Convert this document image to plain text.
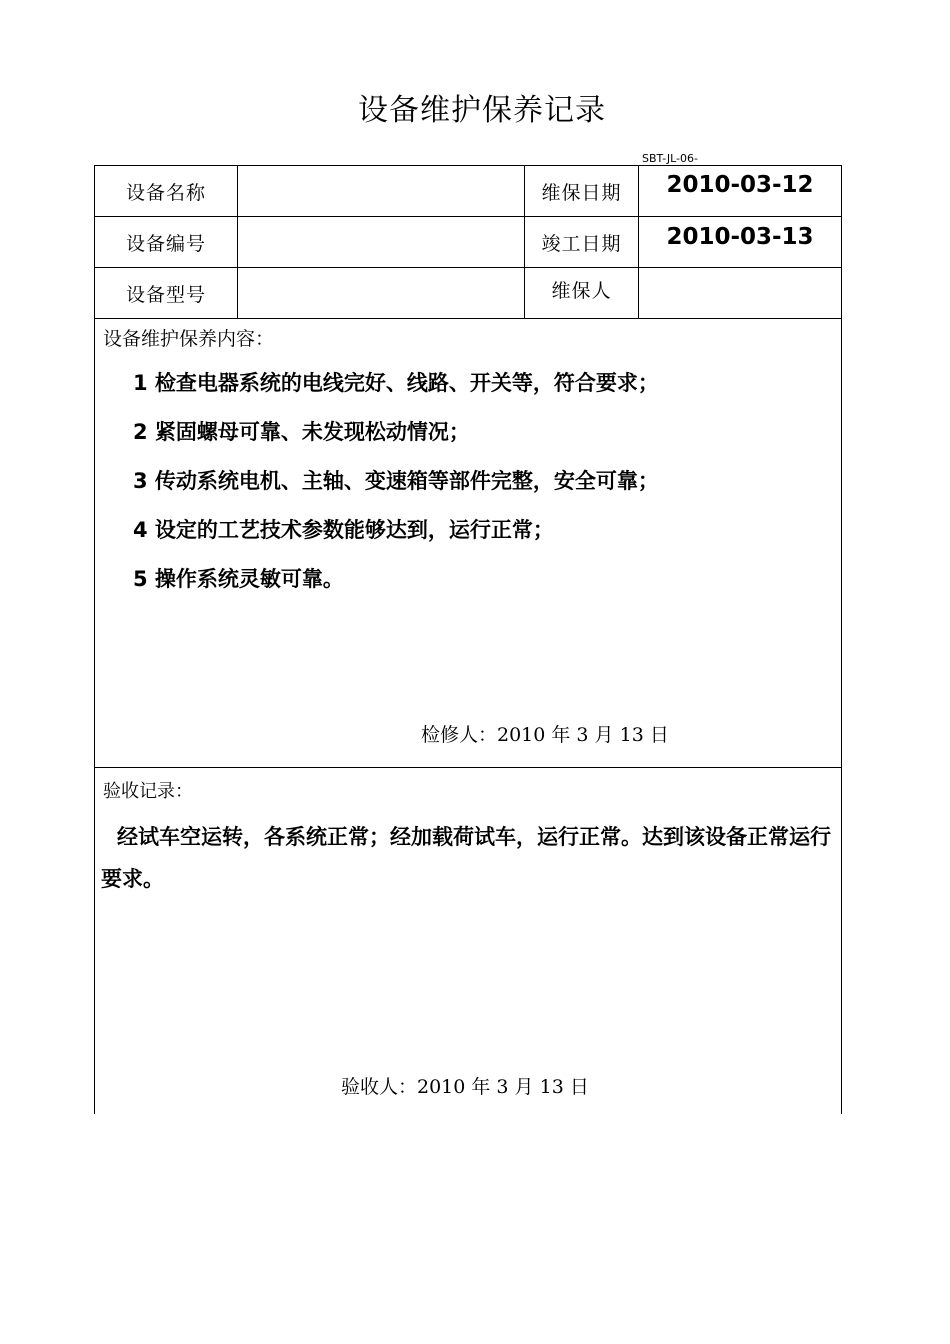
设备维护保养记录
SBT-JL-06-
设备名称		维保日期	2010-03-12
设备编号		竣工日期	2010-03-13
设备型号		维保人	
设备维护保养内容：
1 检查电器系统的电线完好、线路、开关等，符合要求；
2 紧固螺母可靠、未发现松动情况；
3 传动系统电机、主轴、变速箱等部件完整，安全可靠；
4 设定的工艺技术参数能够达到，运行正常；
5 操作系统灵敏可靠。
检修人：2010 年 3 月 13 日
验收记录：
经试车空运转，各系统正常；经加载荷试车，运行正常。达到该设备正常运行要求。
验收人：2010 年 3 月 13 日
